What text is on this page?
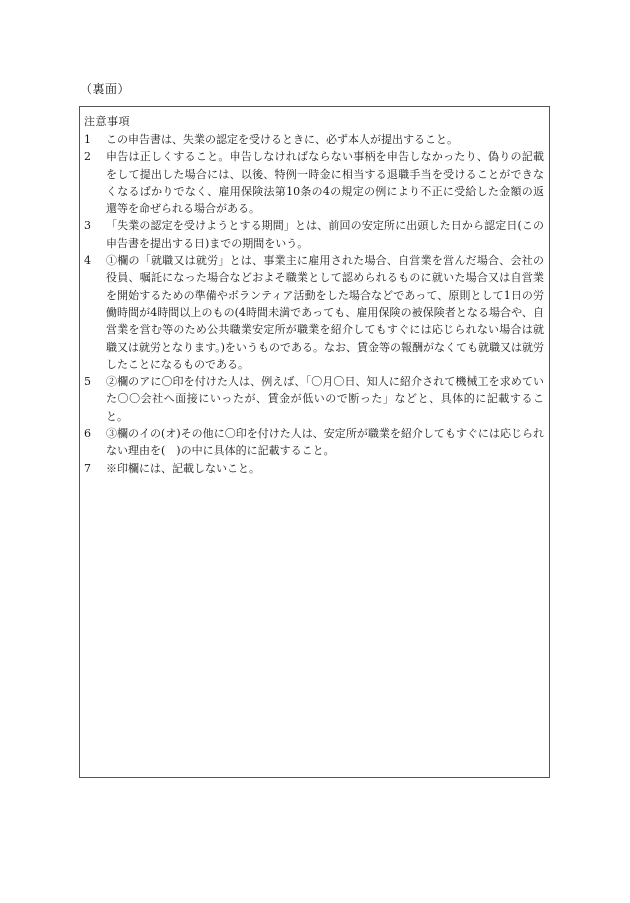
（裏面）
注意事項
1	この申告書は、失業の認定を受けるときに、必ず本人が提出すること。
2	申告は正しくすること。申告しなければならない事柄を申告しなかったり、偽りの記載をして提出した場合には、以後、特例一時金に相当する退職手当を受けることができなくなるばかりでなく、雇用保険法第10条の4の規定の例により不正に受給した金額の返還等を命ぜられる場合がある。
3	「失業の認定を受けようとする期間」とは、前回の安定所に出頭した日から認定日(この申告書を提出する日)までの期間をいう。
4	①欄の「就職又は就労」とは、事業主に雇用された場合、自営業を営んだ場合、会社の役員、嘱託になった場合などおよそ職業として認められるものに就いた場合又は自営業を開始するための準備やボランティア活動をした場合などであって、原則として1日の労働時間が4時間以上のもの(4時間未満であっても、雇用保険の被保険者となる場合や、自営業を営む等のため公共職業安定所が職業を紹介してもすぐには応じられない場合は就職又は就労となります。)をいうものである。なお、賃金等の報酬がなくても就職又は就労したことになるものである。
5	②欄のアに〇印を付けた人は、例えば、「〇月〇日、知人に紹介されて機械工を求めていた〇〇会社へ面接にいったが、賃金が低いので断った」などと、具体的に記載すること。
6	③欄のイの(オ)その他に〇印を付けた人は、安定所が職業を紹介してもすぐには応じられない理由を(　)の中に具体的に記載すること。
7	※印欄には、記載しないこと。
